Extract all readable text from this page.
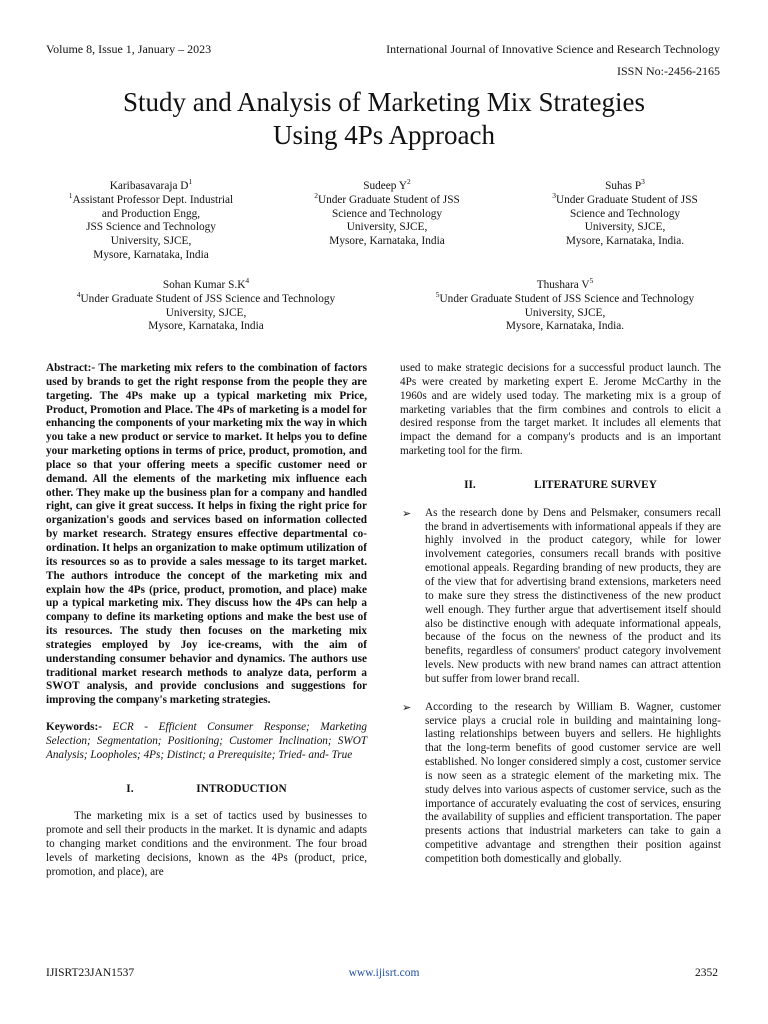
Volume 8, Issue 1, January – 2023	International Journal of Innovative Science and Research Technology
ISSN No:-2456-2165
Study and Analysis of Marketing Mix Strategies
Using 4Ps Approach
Karibasavaraja $D^1$
$^1$Assistant Professor Dept. Industrial
and Production Engg,
JSS Science and Technology
University, SJCE,
Mysore, Karnataka, India
Sudeep $Y^2$
$^2$Under Graduate Student of JSS
Science and Technology
University, SJCE,
Mysore, Karnataka, India
Suhas $P^3$
$^3$Under Graduate Student of JSS
Science and Technology
University, SJCE,
Mysore, Karnataka, India.
Sohan Kumar $S.K^4$
$^4$Under Graduate Student of JSS Science and Technology
University, SJCE,
Mysore, Karnataka, India
Thushara $V^5$
$^5$Under Graduate Student of JSS Science and Technology
University, SJCE,
Mysore, Karnataka, India.

Abstract:- The marketing mix refers to the combination of factors used by brands to get the right response from the people they are targeting. The 4Ps make up a typical marketing mix Price, Product, Promotion and Place. The 4Ps of marketing is a model for enhancing the components of your marketing mix the way in which you take a new product or service to market. It helps you to define your marketing options in terms of price, product, promotion, and place so that your offering meets a specific customer need or demand. All the elements of the marketing mix influence each other. They make up the business plan for a company and handled right, can give it great success. It helps in fixing the right price for organization's goods and services based on information collected by market research. Strategy ensures effective departmental co-ordination. It helps an organization to make optimum utilization of its resources so as to provide a sales message to its target market. The authors introduce the concept of the marketing mix and explain how the 4Ps (price, product, promotion, and place) make up a typical marketing mix. They discuss how the 4Ps can help a company to define its marketing options and make the best use of its resources. The study then focuses on the marketing mix strategies employed by Joy ice-creams, with the aim of understanding consumer behavior and dynamics. The authors use traditional market research methods to analyze data, perform a SWOT analysis, and provide conclusions and suggestions for improving the company's marketing strategies.

Keywords:- ECR - Efficient Consumer Response; Marketing Selection; Segmentation; Positioning; Customer Inclination; SWOT Analysis; Loopholes; 4Ps; Distinct; a Prerequisite; Tried- and- True

I.	INTRODUCTION

The marketing mix is a set of tactics used by businesses to promote and sell their products in the market. It is dynamic and adapts to changing market conditions and the environment. The four broad levels of marketing decisions, known as the 4Ps (product, price, promotion, and place), are

used to make strategic decisions for a successful product launch. The 4Ps were created by marketing expert E. Jerome McCarthy in the 1960s and are widely used today. The marketing mix is a group of marketing variables that the firm combines and controls to elicit a desired response from the target market. It includes all elements that impact the demand for a company's products and is an important marketing tool for the firm.

II.	LITERATURE SURVEY

➢ As the research done by Dens and Pelsmaker, consumers recall the brand in advertisements with informational appeals if they are highly involved in the product category, while for lower involvement categories, consumers recall brands with positive emotional appeals. Regarding branding of new products, they are of the view that for advertising brand extensions, marketers need to make sure they stress the distinctiveness of the new product well enough. They further argue that advertisement itself should also be distinctive enough with adequate informational appeals, because of the focus on the newness of the product and its benefits, regardless of consumers' product category involvement levels. New products with new brand names can attract attention but suffer from lower brand recall.

➢ According to the research by William B. Wagner, customer service plays a crucial role in building and maintaining long-lasting relationships between buyers and sellers. He highlights that the long-term benefits of good customer service are well established. No longer considered simply a cost, customer service is now seen as a strategic element of the marketing mix. The study delves into various aspects of customer service, such as the importance of accurately evaluating the cost of services, ensuring the availability of supplies and efficient transportation. The paper presents actions that industrial marketers can take to gain a competitive advantage and strengthen their position against competition both domestically and globally.

IJISRT23JAN1537	www.ijisrt.com	2352
